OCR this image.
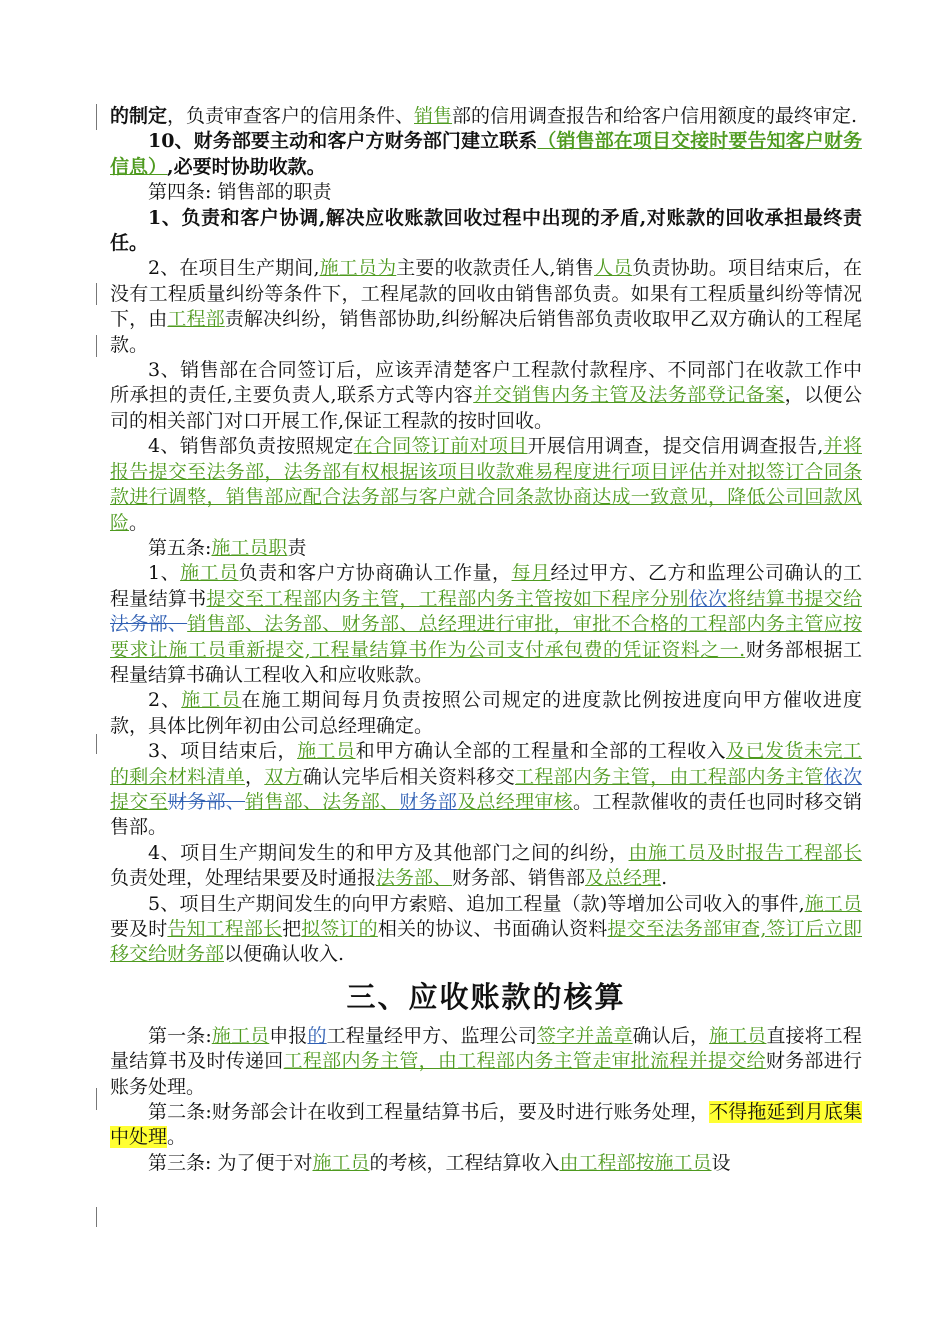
的制定，负责审查客户的信用条件、销售部的信用调查报告和给客户信用额度的最终审定.

10、财务部要主动和客户方财务部门建立联系（销售部在项目交接时要告知客户财务信息）,必要时协助收款。

第四条: 销售部的职责

1、负责和客户协调,解决应收账款回收过程中出现的矛盾,对账款的回收承担最终责任。

2、在项目生产期间,施工员为主要的收款责任人,销售人员负责协助。项目结束后，在没有工程质量纠纷等条件下，工程尾款的回收由销售部负责。如果有工程质量纠纷等情况下，由工程部责解决纠纷，销售部协助,纠纷解决后销售部负责收取甲乙双方确认的工程尾款。

3、销售部在合同签订后，应该弄清楚客户工程款付款程序、不同部门在收款工作中所承担的责任,主要负责人,联系方式等内容并交销售内务主管及法务部登记备案，以便公司的相关部门对口开展工作,保证工程款的按时回收。

4、销售部负责按照规定在合同签订前对项目开展信用调查，提交信用调查报告,并将报告提交至法务部，法务部有权根据该项目收款难易程度进行项目评估并对拟签订合同条款进行调整，销售部应配合法务部与客户就合同条款协商达成一致意见，降低公司回款风险。

第五条:施工员职责

1、施工员负责和客户方协商确认工作量，每月经过甲方、乙方和监理公司确认的工程量结算书提交至工程部内务主管，工程部内务主管按如下程序分别依次将结算书提交给法务部、销售部、法务部、财务部、总经理进行审批，审批不合格的工程部内务主管应按要求让施工员重新提交,工程量结算书作为公司支付承包费的凭证资料之一.财务部根据工程量结算书确认工程收入和应收账款。

2、施工员在施工期间每月负责按照公司规定的进度款比例按进度向甲方催收进度款，具体比例年初由公司总经理确定。

3、项目结束后，施工员和甲方确认全部的工程量和全部的工程收入及已发货未完工的剩余材料清单，双方确认完毕后相关资料移交工程部内务主管，由工程部内务主管依次提交至财务部、销售部、法务部、财务部及总经理审核。工程款催收的责任也同时移交销售部。

4、项目生产期间发生的和甲方及其他部门之间的纠纷，由施工员及时报告工程部长负责处理，处理结果要及时通报法务部、财务部、销售部及总经理.

5、项目生产期间发生的向甲方索赔、追加工程量（款)等增加公司收入的事件,施工员要及时告知工程部长把拟签订的相关的协议、书面确认资料提交至法务部审查,签订后立即移交给财务部以便确认收入.

三、应收账款的核算

第一条:施工员申报的工程量经甲方、监理公司签字并盖章确认后，施工员直接将工程量结算书及时传递回工程部内务主管，由工程部内务主管走审批流程并提交给财务部进行账务处理。

第二条:财务部会计在收到工程量结算书后，要及时进行账务处理，不得拖延到月底集中处理。

第三条: 为了便于对施工员的考核，工程结算收入由工程部按施工员设
